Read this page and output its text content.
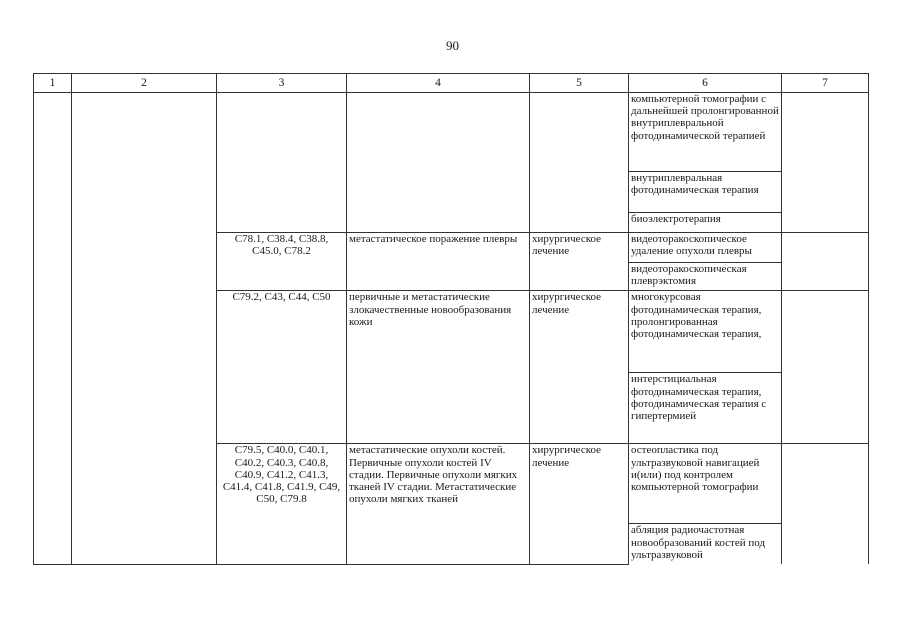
90
1	2	3	4	5	6	7
					компьютерной томографии с дальнейшей пролонгированной внутриплевральной фотодинамической терапией	
					внутриплевральная фотодинамическая терапия	
					биоэлектротерапия	
		C78.1, C38.4, C38.8, C45.0, C78.2	метастатическое поражение плевры	хирургическое лечение	видеоторакоскопическое удаление опухоли плевры	
					видеоторакоскопическая плеврэктомия	
		C79.2, C43, C44, C50	первичные и метастатические злокачественные новообразования кожи	хирургическое лечение	многокурсовая фотодинамическая терапия, пролонгированная фотодинамическая терапия,	
					интерстициальная фотодинамическая терапия, фотодинамическая терапия с гипертермией	
		C79.5, C40.0, C40.1, C40.2, C40.3, C40.8, C40.9, C41.2, C41.3, C41.4, C41.8, C41.9, C49, C50, C79.8	метастатические опухоли костей. Первичные опухоли костей IV стадии. Первичные опухоли мягких тканей IV стадии. Метастатические опухоли мягких тканей	хирургическое лечение	остеопластика под ультразвуковой навигацией и(или) под контролем компьютерной томографии	
					абляция радиочастотная новообразований костей под ультразвуковой	
